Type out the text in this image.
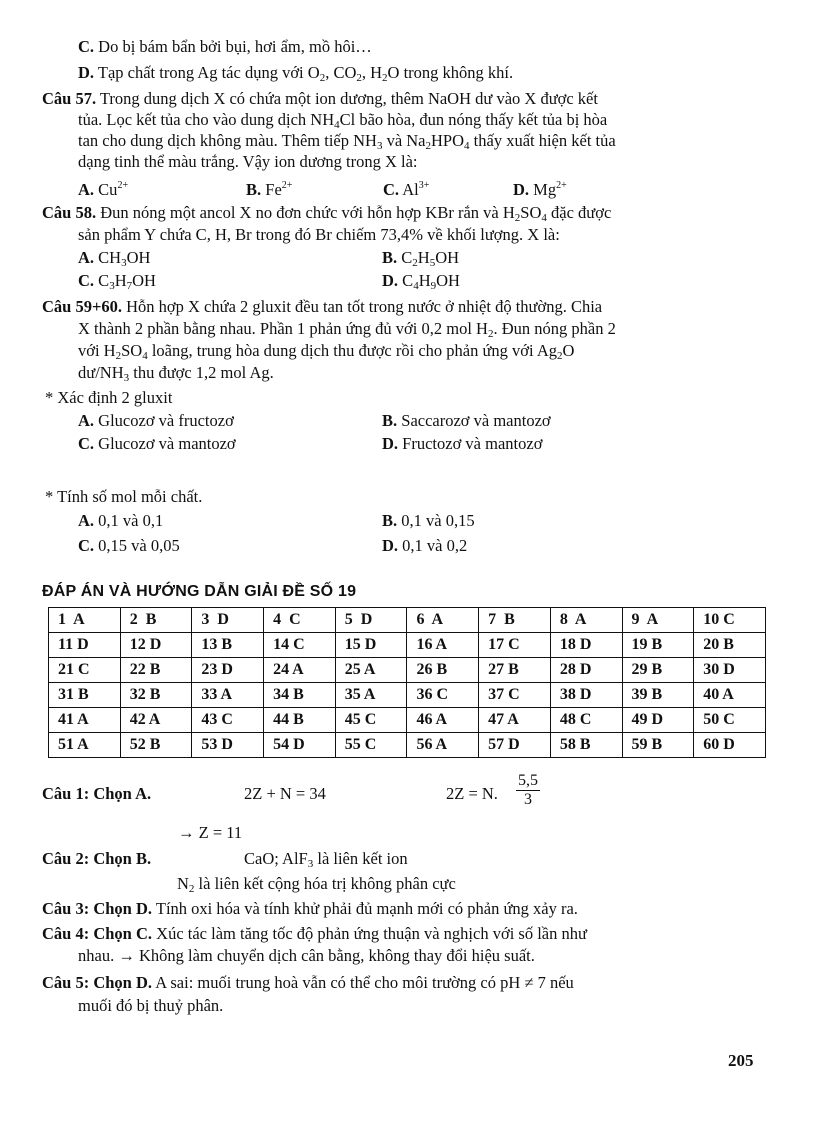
C. Do bị bám bẩn bởi bụi, hơi ẩm, mồ hôi…
D. Tạp chất trong Ag tác dụng với $O_2$, $CO_2$, $H_2O$ trong không khí.
Câu 57. Trong dung dịch X có chứa một ion dương, thêm NaOH dư vào X được kết
tủa. Lọc kết tủa cho vào dung dịch $NH_4Cl$ bão hòa, đun nóng thấy kết tủa bị hòa
tan cho dung dịch không màu. Thêm tiếp $NH_3$ và $Na_2HPO_4$ thấy xuất hiện kết tủa
dạng tinh thể màu trắng. Vậy ion dương trong X là:
A. $Cu^{2+}$	B. $Fe^{2+}$	C. $Al^{3+}$	D. $Mg^{2+}$
Câu 58. Đun nóng một ancol X no đơn chức với hỗn hợp KBr rắn và $H_2SO_4$ đặc được
sản phẩm Y chứa C, H, Br trong đó Br chiếm 73,4% về khối lượng. X là:
A. $CH_3OH$	B. $C_2H_5OH$
C. $C_3H_7OH$	D. $C_4H_9OH$
Câu 59+60. Hỗn hợp X chứa 2 gluxit đều tan tốt trong nước ở nhiệt độ thường. Chia
X thành 2 phần bằng nhau. Phần 1 phản ứng đủ với 0,2 mol $H_2$. Đun nóng phần 2
với $H_2SO_4$ loãng, trung hòa dung dịch thu được rồi cho phản ứng với $Ag_2O$
$dư/NH_3$ thu được 1,2 mol Ag.
* Xác định 2 gluxit
A. Glucozơ và fructozơ	B. Saccarozơ và mantozơ
C. Glucozơ và mantozơ	D. Fructozơ và mantozơ
* Tính số mol mỗi chất.
A. 0,1 và 0,1	B. 0,1 và 0,15
C. 0,15 và 0,05	D. 0,1 và 0,2
ĐÁP ÁN VÀ HƯỚNG DẪN GIẢI ĐỀ SỐ 19
1  A	2  B	3  D	4  C	5  D	6  A	7  B	8  A	9  A	10 C
11 D	12 D	13 B	14 C	15 D	16 A	17 C	18 D	19 B	20 B
21 C	22 B	23 D	24 A	25 A	26 B	27 B	28 D	29 B	30 D
31 B	32 B	33 A	34 B	35 A	36 C	37 C	38 D	39 B	40 A
41 A	42 A	43 C	44 B	45 C	46 A	47 A	48 C	49 D	50 C
51 A	52 B	53 D	54 D	55 C	56 A	57 D	58 B	59 B	60 D
Câu 1: Chọn A.	2Z + N = 34	2Z = N. $\frac{5,5}{3}$
→ Z = 11
Câu 2: Chọn B.	CaO; AlF$_3$ là liên kết ion
$N_2$ là liên kết cộng hóa trị không phân cực
Câu 3: Chọn D. Tính oxi hóa và tính khử phải đủ mạnh mới có phản ứng xảy ra.
Câu 4: Chọn C. Xúc tác làm tăng tốc độ phản ứng thuận và nghịch với số lần như
nhau. → Không làm chuyển dịch cân bằng, không thay đổi hiệu suất.
Câu 5: Chọn D. A sai: muối trung hoà vẫn có thể cho môi trường có pH ≠ 7 nếu
muối đó bị thuỷ phân.
205
